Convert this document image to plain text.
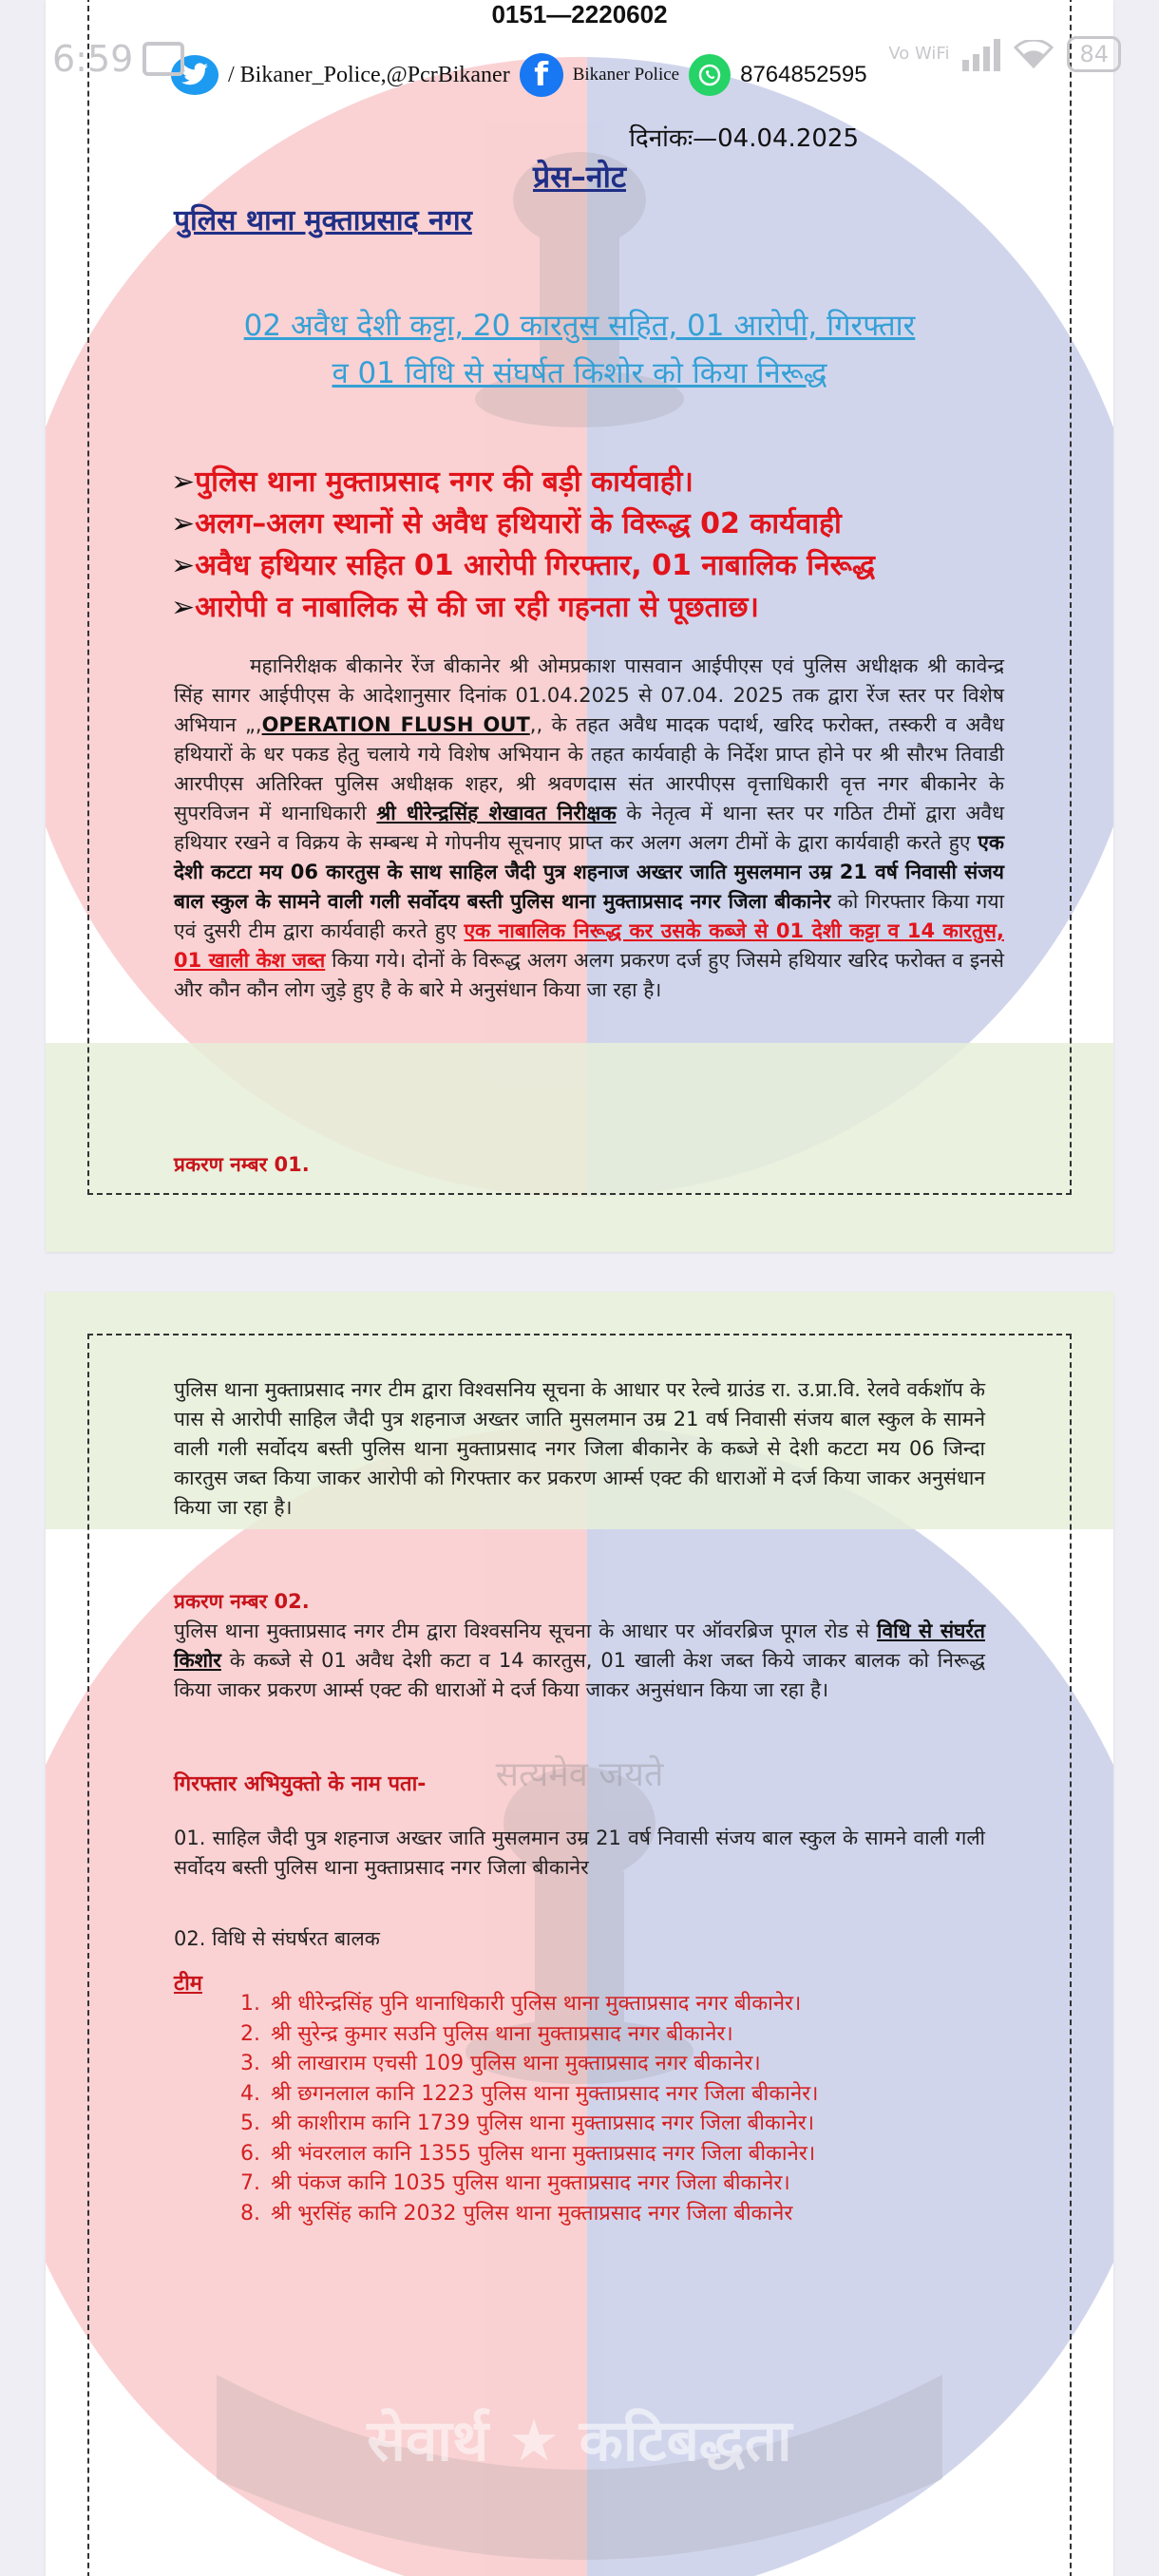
6:59	Vo WiFi	84
0151—2220602
/ Bikaner_Police,@PcrBikaner f	Bikaner Police	8764852595
दिनांकः—04.04.2025
प्रेस–नोट
पुलिस थाना मुक्ताप्रसाद नगर
02 अवैध देशी कट्टा, 20 कारतुस सहित, 01 आरोपी, गिरफ्तार
व 01 विधि से संघर्षत किशोर को किया निरूद्ध
➢ पुलिस थाना मुक्ताप्रसाद नगर की बड़ी कार्यवाही।
➢ अलग–अलग स्थानों से अवैध हथियारों के विरूद्ध 02 कार्यवाही
➢ अवैध हथियार सहित 01 आरोपी गिरफ्तार, 01 नाबालिक निरूद्ध
➢ आरोपी व नाबालिक से की जा रही गहनता से पूछताछ।
महानिरीक्षक बीकानेर रेंज बीकानेर श्री ओमप्रकाश पासवान आईपीएस एवं पुलिस अधीक्षक श्री कावेन्द्र सिंह सागर आईपीएस के आदेशानुसार दिनांक 01.04.2025 से 07.04. 2025 तक द्वारा रेंज स्तर पर विशेष अभियान „,OPERATION FLUSH OUT,, के तहत अवैध मादक पदार्थ, खरिद फरोक्त, तस्करी व अवैध हथियारों के धर पकड हेतु चलाये गये विशेष अभियान के तहत कार्यवाही के निर्देश प्राप्त होने पर श्री सौरभ तिवाडी आरपीएस अतिरिक्त पुलिस अधीक्षक शहर, श्री श्रवणदास संत आरपीएस वृत्ताधिकारी वृत्त नगर बीकानेर के सुपरविजन में थानाधिकारी श्री धीरेन्द्रसिंह शेखावत निरीक्षक के नेतृत्व में थाना स्तर पर गठित टीमों द्वारा अवैध हथियार रखने व विक्रय के सम्बन्ध मे गोपनीय सूचनाए प्राप्त कर अलग अलग टीमों के द्वारा कार्यवाही करते हुए एक देशी कटटा मय 06 कारतुस के साथ साहिल जैदी पुत्र शहनाज अख्तर जाति मुसलमान उम्र 21 वर्ष निवासी संजय बाल स्कुल के सामने वाली गली सर्वोदय बस्ती पुलिस थाना मुक्ताप्रसाद नगर जिला बीकानेर को गिरफ्तार किया गया एवं दुसरी टीम द्वारा कार्यवाही करते हुए एक नाबालिक निरूद्ध कर उसके कब्जे से 01 देशी कट्टा व 14 कारतुस, 01 खाली केश जब्त किया गये। दोनों के विरूद्ध अलग अलग प्रकरण दर्ज हुए जिसमे हथियार खरिद फरोक्त व इनसे और कौन कौन लोग जुड़े हुए है के बारे मे अनुसंधान किया जा रहा है।
प्रकरण नम्बर 01.
सेवार्थ ★ कटिबद्धता
सत्यमेव जयते
पुलिस थाना मुक्ताप्रसाद नगर टीम द्वारा विश्वसनिय सूचना के आधार पर रेल्वे ग्राउंड रा. उ.प्रा.वि. रेलवे वर्कशॉप के पास से आरोपी साहिल जैदी पुत्र शहनाज अख्तर जाति मुसलमान उम्र 21 वर्ष निवासी संजय बाल स्कुल के सामने वाली गली सर्वोदय बस्ती पुलिस थाना मुक्ताप्रसाद नगर जिला बीकानेर के कब्जे से देशी कटटा मय 06 जिन्दा कारतुस जब्त किया जाकर आरोपी को गिरफ्तार कर प्रकरण आर्म्स एक्ट की धाराओं मे दर्ज किया जाकर अनुसंधान किया जा रहा है।
प्रकरण नम्बर 02.
पुलिस थाना मुक्ताप्रसाद नगर टीम द्वारा विश्वसनिय सूचना के आधार पर ऑवरब्रिज पूगल रोड से विधि से संघर्रत किशोर के कब्जे से 01 अवैध देशी कटा व 14 कारतुस, 01 खाली केश जब्त किये जाकर बालक को निरूद्ध किया जाकर प्रकरण आर्म्स एक्ट की धाराओं मे दर्ज किया जाकर अनुसंधान किया जा रहा है।
गिरफ्तार अभियुक्तो के नाम पता-
01. साहिल जैदी पुत्र शहनाज अख्तर जाति मुसलमान उम्र 21 वर्ष निवासी संजय बाल स्कुल के सामने वाली गली सर्वोदय बस्ती पुलिस थाना मुक्ताप्रसाद नगर जिला बीकानेर
02. विधि से संघर्षरत बालक
टीम
1. श्री धीरेन्द्रसिंह पुनि थानाधिकारी पुलिस थाना मुक्ताप्रसाद नगर बीकानेर।
2. श्री सुरेन्द्र कुमार सउनि पुलिस थाना मुक्ताप्रसाद नगर बीकानेर।
3. श्री लाखाराम एचसी 109 पुलिस थाना मुक्ताप्रसाद नगर बीकानेर।
4. श्री छगनलाल कानि 1223 पुलिस थाना मुक्ताप्रसाद नगर जिला बीकानेर।
5. श्री काशीराम कानि 1739 पुलिस थाना मुक्ताप्रसाद नगर जिला बीकानेर।
6. श्री भंवरलाल कानि 1355 पुलिस थाना मुक्ताप्रसाद नगर जिला बीकानेर।
7. श्री पंकज कानि 1035 पुलिस थाना मुक्ताप्रसाद नगर जिला बीकानेर।
8. श्री भुरसिंह कानि 2032 पुलिस थाना मुक्ताप्रसाद नगर जिला बीकानेर
